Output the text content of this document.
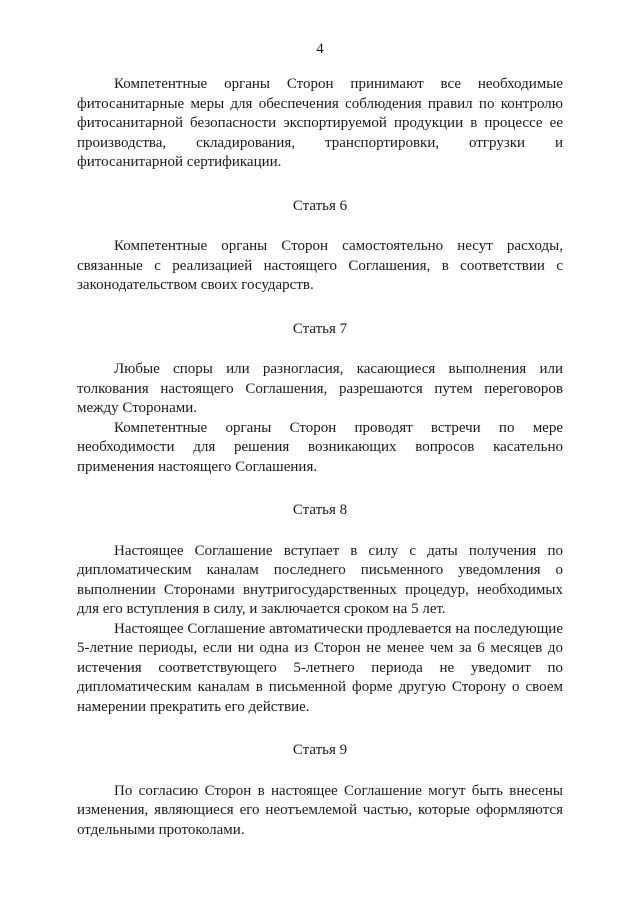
4

Компетентные органы Сторон принимают все необходимые фитосанитарные меры для обеспечения соблюдения правил по контролю фитосанитарной безопасности экспортируемой продукции в процессе ее производства, складирования, транспортировки, отгрузки и фитосанитарной сертификации.

Статья 6

Компетентные органы Сторон самостоятельно несут расходы, связанные с реализацией настоящего Соглашения, в соответствии с законодательством своих государств.

Статья 7

Любые споры или разногласия, касающиеся выполнения или толкования настоящего Соглашения, разрешаются путем переговоров между Сторонами.

Компетентные органы Сторон проводят встречи по мере необходимости для решения возникающих вопросов касательно применения настоящего Соглашения.

Статья 8

Настоящее Соглашение вступает в силу с даты получения по дипломатическим каналам последнего письменного уведомления о выполнении Сторонами внутригосударственных процедур, необходимых для его вступления в силу, и заключается сроком на 5 лет.

Настоящее Соглашение автоматически продлевается на последующие 5-летние периоды, если ни одна из Сторон не менее чем за 6 месяцев до истечения соответствующего 5-летнего периода не уведомит по дипломатическим каналам в письменной форме другую Сторону о своем намерении прекратить его действие.

Статья 9

По согласию Сторон в настоящее Соглашение могут быть внесены изменения, являющиеся его неотъемлемой частью, которые оформляются отдельными протоколами.
